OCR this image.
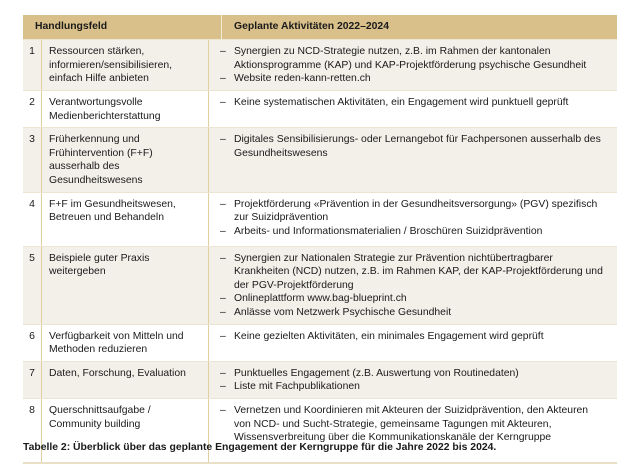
Handlungsfeld	Geplante Aktivitäten 2022–2024
1	Ressourcen stärken, informieren/sensibilisieren, einfach Hilfe anbieten
– Synergien zu NCD-Strategie nutzen, z.B. im Rahmen der kantonalen Aktionsprogramme (KAP) und KAP-Projektförderung psychische Gesundheit
– Website reden-kann-retten.ch
2	Verantwortungsvolle Medienberichterstattung
– Keine systematischen Aktivitäten, ein Engagement wird punktuell geprüft
3	Früherkennung und Frühintervention (F+F) ausserhalb des Gesundheitswesens
– Digitales Sensibilisierungs- oder Lernangebot für Fachpersonen ausserhalb des Gesundheitswesens
4	F+F im Gesundheitswesen, Betreuen und Behandeln
– Projektförderung «Prävention in der Gesundheitsversorgung» (PGV) spezifisch zur Suizidprävention
– Arbeits- und Informationsmaterialien / Broschüren Suizidprävention
5	Beispiele guter Praxis weitergeben
– Synergien zur Nationalen Strategie zur Prävention nichtübertragbarer Krankheiten (NCD) nutzen, z.B. im Rahmen KAP, der KAP-Projektförderung und der PGV-Projektförderung
– Onlineplattform www.bag-blueprint.ch
– Anlässe vom Netzwerk Psychische Gesundheit
6	Verfügbarkeit von Mitteln und Methoden reduzieren
– Keine gezielten Aktivitäten, ein minimales Engagement wird geprüft
7	Daten, Forschung, Evaluation	– Punktuelles Engagement (z.B. Auswertung von Routinedaten)
– Liste mit Fachpublikationen
8	Querschnittsaufgabe / Community building
– Vernetzen und Koordinieren mit Akteuren der Suizidprävention, den Akteuren von NCD- und Sucht-Strategie, gemeinsame Tagungen mit Akteuren, Wissensverbreitung über die Kommunikationskanäle der Kerngruppe
Tabelle 2: Überblick über das geplante Engagement der Kerngruppe für die Jahre 2022 bis 2024.
